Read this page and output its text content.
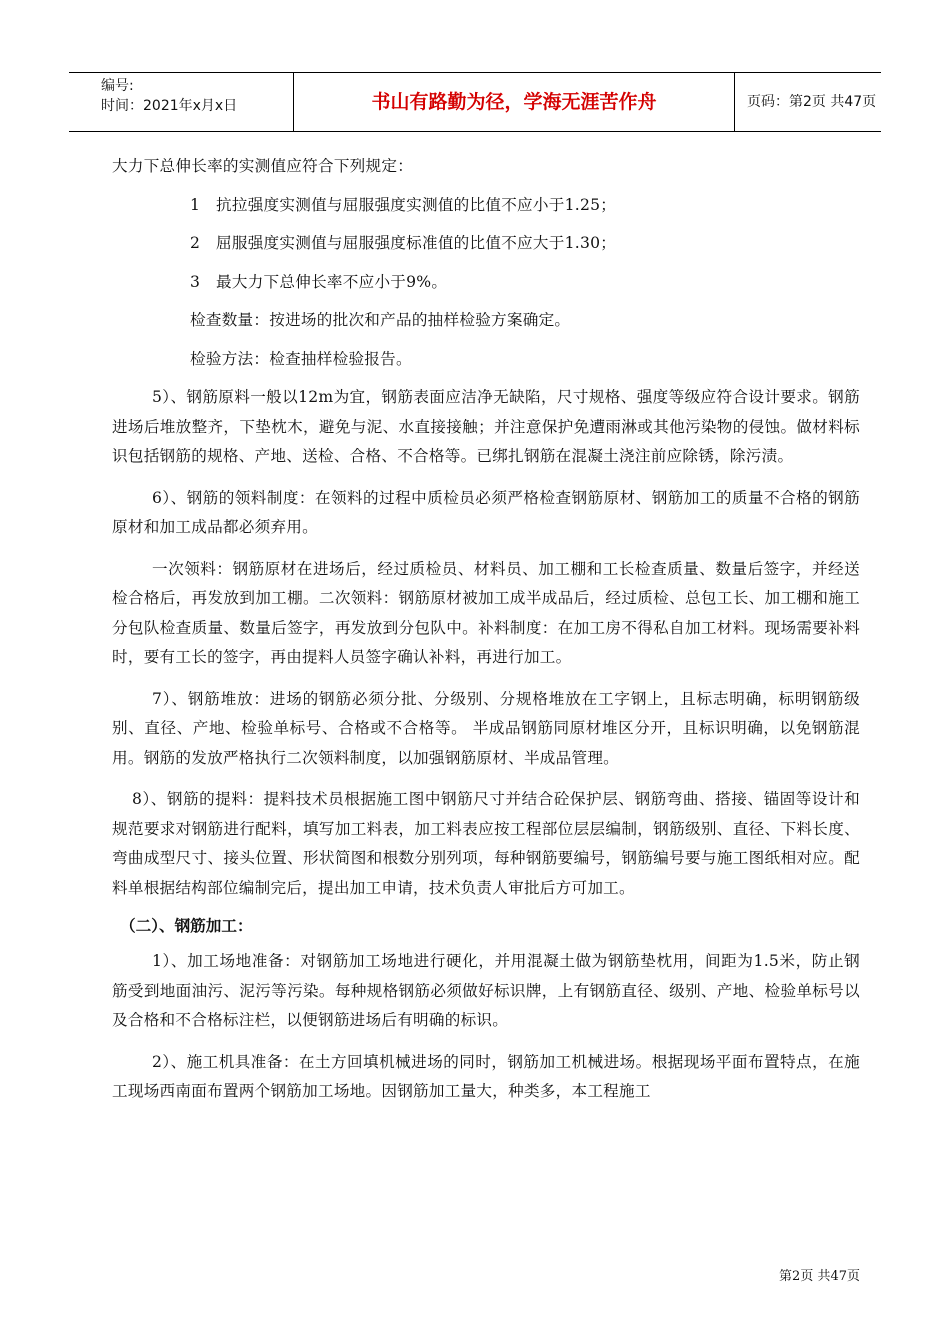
编号:
时间：2021年x月x日	书山有路勤为径，学海无涯苦作舟	页码：第2页 共47页
大力下总伸长率的实测值应符合下列规定：
1　抗拉强度实测值与屈服强度实测值的比值不应小于1.25；
2　屈服强度实测值与屈服强度标准值的比值不应大于1.30；
3　最大力下总伸长率不应小于9%。
检查数量：按进场的批次和产品的抽样检验方案确定。
检验方法：检查抽样检验报告。

5）、钢筋原料一般以12m为宜，钢筋表面应洁净无缺陷，尺寸规格、强度等级应符合设计要求。钢筋进场后堆放整齐，下垫枕木，避免与泥、水直接接触；并注意保护免遭雨淋或其他污染物的侵蚀。做材料标识包括钢筋的规格、产地、送检、合格、不合格等。已绑扎钢筋在混凝土浇注前应除锈，除污渍。

6）、钢筋的领料制度：在领料的过程中质检员必须严格检查钢筋原材、钢筋加工的质量不合格的钢筋原材和加工成品都必须弃用。

一次领料：钢筋原材在进场后，经过质检员、材料员、加工棚和工长检查质量、数量后签字，并经送检合格后，再发放到加工棚。二次领料：钢筋原材被加工成半成品后，经过质检、总包工长、加工棚和施工分包队检查质量、数量后签字，再发放到分包队中。补料制度：在加工房不得私自加工材料。现场需要补料时，要有工长的签字，再由提料人员签字确认补料，再进行加工。

7）、钢筋堆放：进场的钢筋必须分批、分级别、分规格堆放在工字钢上，且标志明确，标明钢筋级别、直径、产地、检验单标号、合格或不合格等。 半成品钢筋同原材堆区分开，且标识明确，以免钢筋混用。钢筋的发放严格执行二次领料制度，以加强钢筋原材、半成品管理。

8）、钢筋的提料：提料技术员根据施工图中钢筋尺寸并结合砼保护层、钢筋弯曲、搭接、锚固等设计和规范要求对钢筋进行配料，填写加工料表，加工料表应按工程部位层层编制，钢筋级别、直径、下料长度、弯曲成型尺寸、接头位置、形状简图和根数分别列项，每种钢筋要编号，钢筋编号要与施工图纸相对应。配料单根据结构部位编制完后，提出加工申请，技术负责人审批后方可加工。

（二）、钢筋加工：

1）、加工场地准备：对钢筋加工场地进行硬化，并用混凝土做为钢筋垫枕用，间距为1.5米，防止钢筋受到地面油污、泥污等污染。每种规格钢筋必须做好标识牌，上有钢筋直径、级别、产地、检验单标号以及合格和不合格标注栏，以便钢筋进场后有明确的标识。

2）、施工机具准备：在土方回填机械进场的同时，钢筋加工机械进场。根据现场平面布置特点，在施工现场西南面布置两个钢筋加工场地。因钢筋加工量大，种类多，本工程施工

第2页 共47页
